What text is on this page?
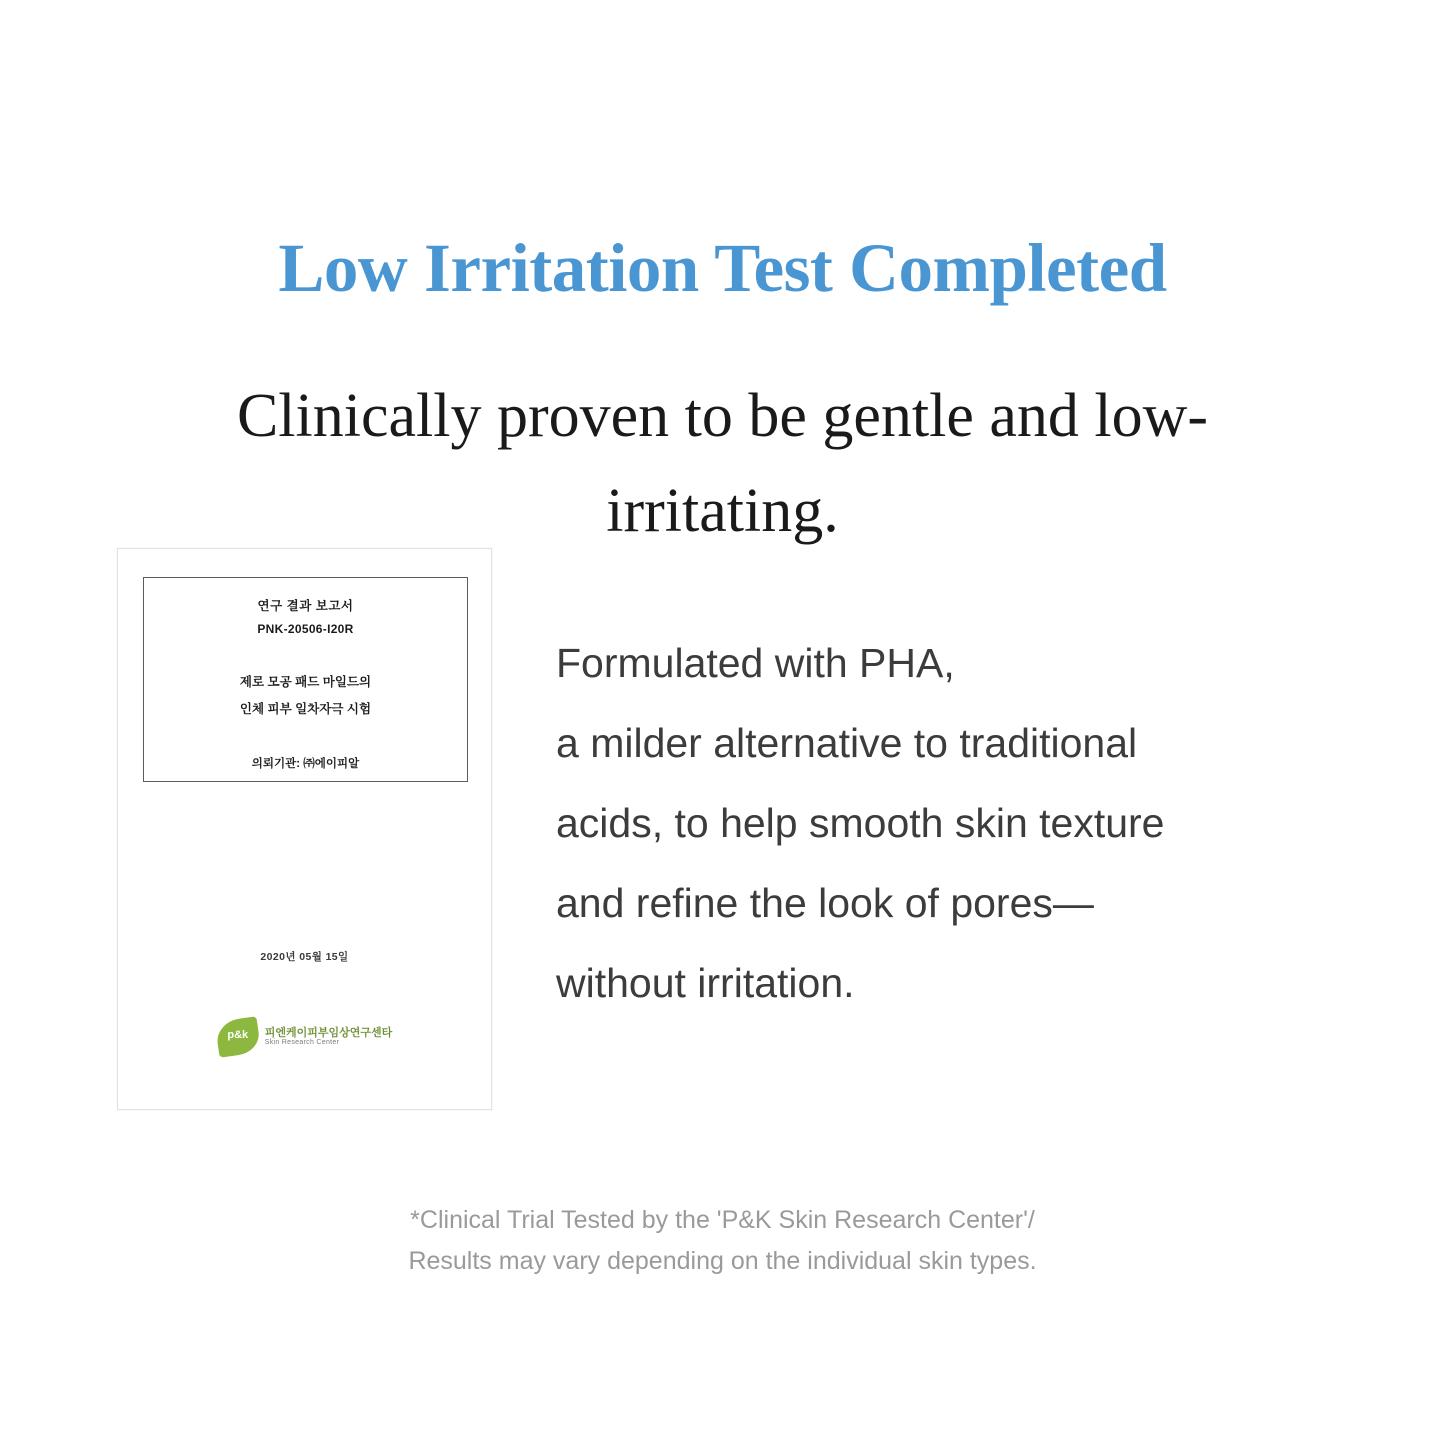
Low Irritation Test Completed
Clinically proven to be gentle and low-irritating.
연구 결과 보고서
PNK-20506-I20R
제로 모공 패드 마일드의
인체 피부 일차자극 시험
의뢰기관: ㈜에이피알
2020년 05월 15일
p&k	피엔케이피부임상연구센타
Skin Research Center

Formulated with PHA,

a milder alternative to traditional

acids, to help smooth skin texture

and refine the look of pores—

without irritation.

*Clinical Trial Tested by the 'P&K Skin Research Center'/
Results may vary depending on the individual skin types.
